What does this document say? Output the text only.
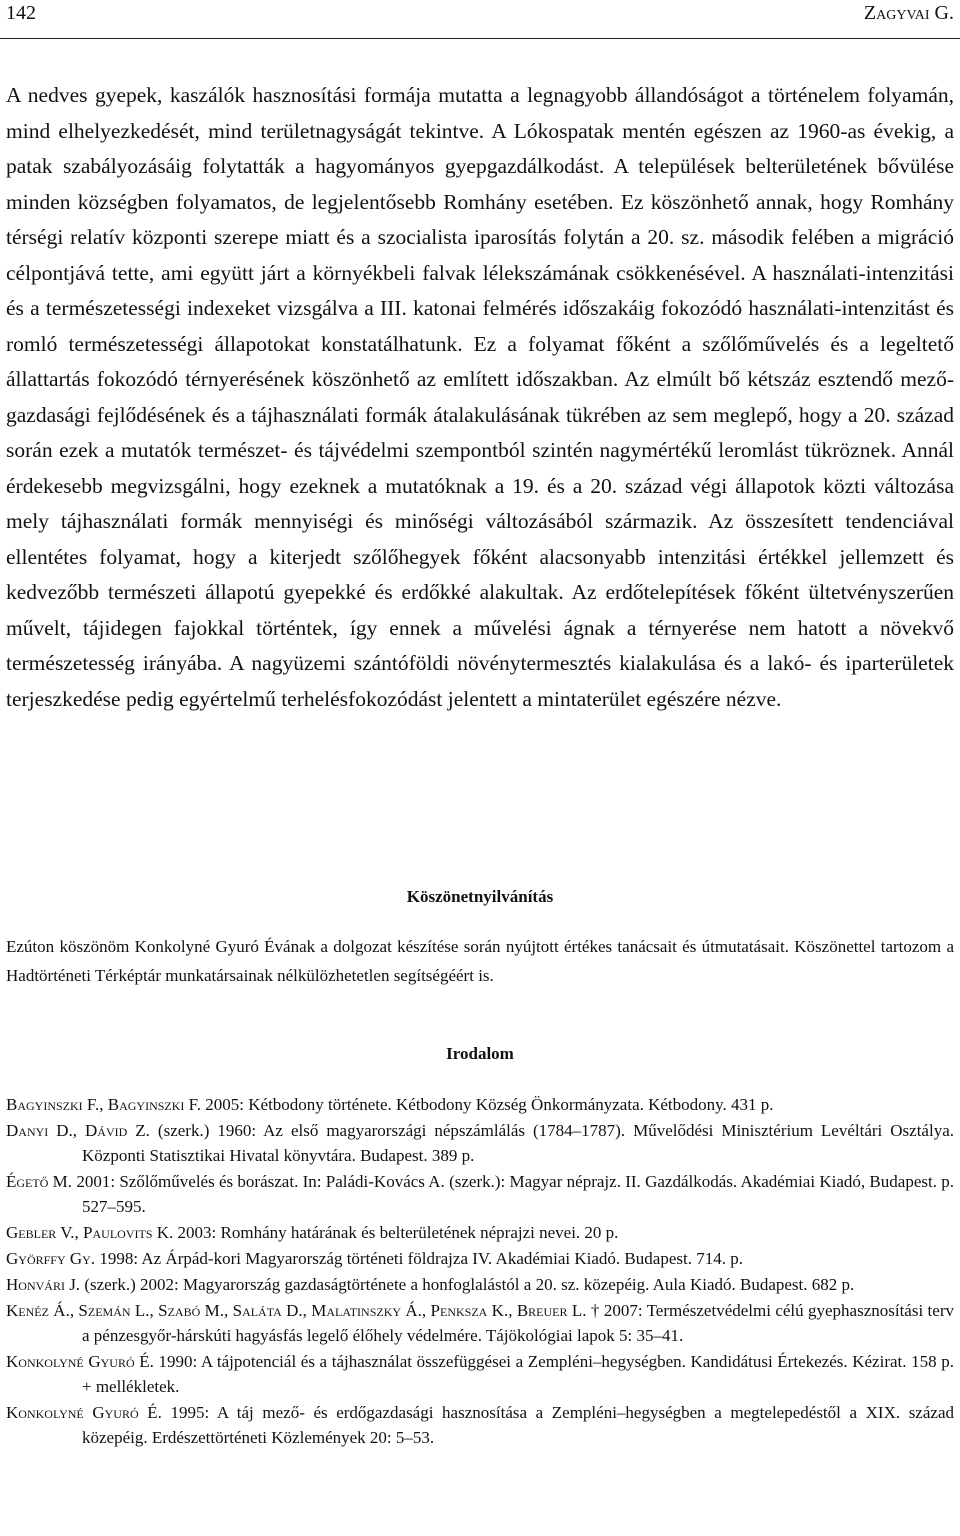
142	Zagyvai G.

A nedves gyepek, kaszálók hasznosítási formája mutatta a legnagyobb állandóságot a történelem folyamán, mind elhelyezkedését, mind területnagyságát tekintve. A Lókospatak mentén egészen az 1960-as évekig, a patak szabályozásáig folytatták a hagyományos gyepgazdálkodást. A települések belterületének bővülése minden községben folyamatos, de legjelentősebb Romhány esetében. Ez köszönhető annak, hogy Romhány térségi relatív központi szerepe miatt és a szocialista iparosítás folytán a 20. sz. második felében a migráció célpontjává tette, ami együtt járt a környékbeli falvak lélekszámának csökkenésével. A használati-intenzitási és a természetességi indexeket vizsgálva a III. katonai felmérés időszakáig fokozódó használati-intenzitást és romló természetességi állapotokat konstatálhatunk. Ez a folyamat főként a szőlőművelés és a legeltető állattartás fokozódó térnyerésének köszönhető az említett időszakban. Az elmúlt bő kétszáz esztendő mezőgazdasági fejlődésének és a tájhasználati formák átalakulásának tükrében az sem meglepő, hogy a 20. század során ezek a mutatók természet- és tájvédelmi szempontból szintén nagymértékű leromlást tükröznek. Annál érdekesebb megvizsgálni, hogy ezeknek a mutatóknak a 19. és a 20. század végi állapotok közti változása mely tájhasználati formák mennyiségi és minőségi változásából származik. Az összesített tendenciával ellentétes folyamat, hogy a kiterjedt szőlőhegyek főként alacsonyabb intenzitási értékkel jellemzett és kedvezőbb természeti állapotú gyepekké és erdőkké alakultak. Az erdőtelepítések főként ültetvényszerűen művelt, tájidegen fajokkal történtek, így ennek a művelési ágnak a térnyerése nem hatott a növekvő természetesség irányába. A nagyüzemi szántóföldi növénytermesztés kialakulása és a lakó- és iparterületek terjeszkedése pedig egyértelmű terhelésfokozódást jelentett a mintaterület egészére nézve.

Köszönetnyilvánítás

Ezúton köszönöm Konkolyné Gyuró Évának a dolgozat készítése során nyújtott értékes tanácsait és útmutatásait. Köszönettel tartozom a Hadtörténeti Térképtár munkatársainak nélkülözhetetlen segítségéért is.

Irodalom
Bagyinszki F., Bagyinszki F. 2005: Kétbodony története. Kétbodony Község Önkormányzata. Kétbodony. 431 p.
Danyi D., Dávid Z. (szerk.) 1960: Az első magyarországi népszámlálás (1784–1787). Művelődési Minisztérium Levéltári Osztálya. Központi Statisztikai Hivatal könyvtára. Budapest. 389 p.
Égető M. 2001: Szőlőművelés és borászat. In: Paládi-Kovács A. (szerk.): Magyar néprajz. II. Gazdálkodás. Akadémiai Kiadó, Budapest. p. 527–595.
Gebler V., Paulovits K. 2003: Romhány határának és belterületének néprajzi nevei. 20 p.
Györffy Gy. 1998: Az Árpád-kori Magyarország történeti földrajza IV. Akadémiai Kiadó. Budapest. 714. p.
Honvári J. (szerk.) 2002: Magyarország gazdaságtörténete a honfoglalástól a 20. sz. közepéig. Aula Kiadó. Budapest. 682 p.
Kenéz Á., Szemán L., Szabó M., Saláta D., Malatinszky Á., Penksza K., Breuer L. † 2007: Természetvédelmi célú gyephasznosítási terv a pénzesgyőr-hárskúti hagyásfás legelő élőhely védelmére. Tájökológiai lapok 5: 35–41.
Konkolyné Gyuró É. 1990: A tájpotenciál és a tájhasználat összefüggései a Zempléni–hegységben. Kandidátusi Értekezés. Kézirat. 158 p. + mellékletek.
Konkolyné Gyuró É. 1995: A táj mező- és erdőgazdasági hasznosítása a Zempléni–hegységben a megtelepedéstől a XIX. század közepéig. Erdészettörténeti Közlemények 20: 5–53.
